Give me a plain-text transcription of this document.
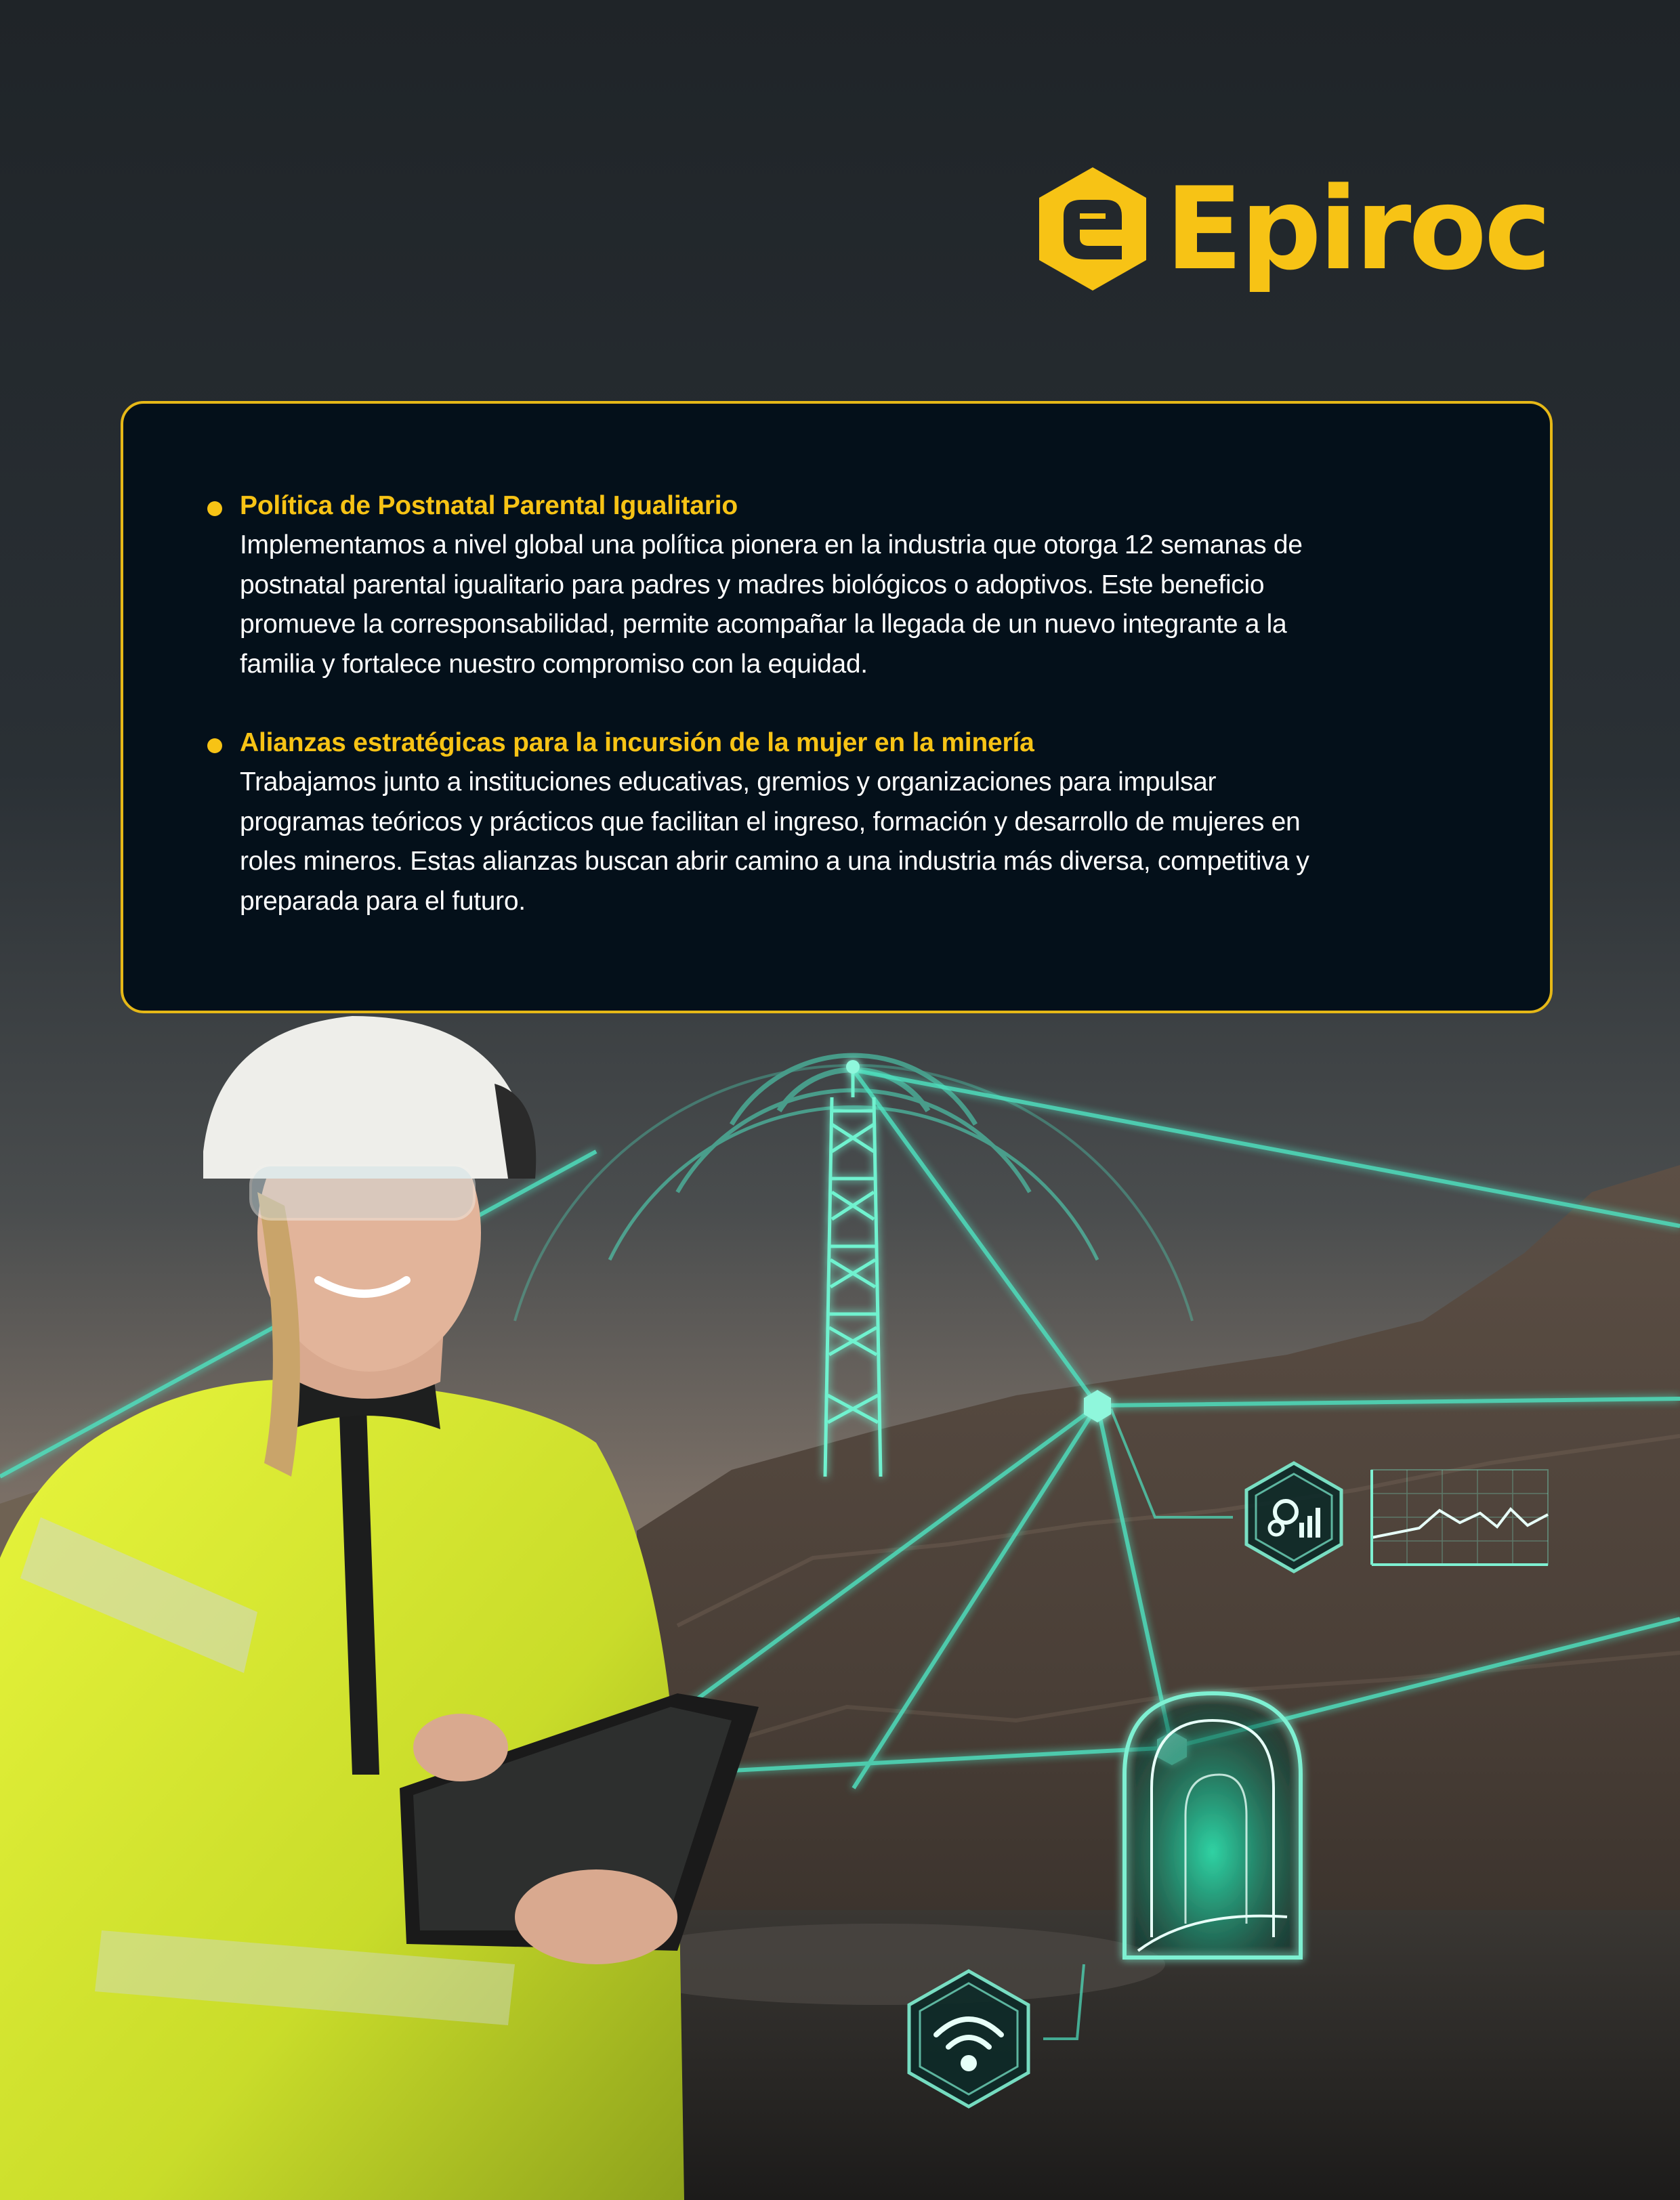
Epiroc
Política de Postnatal Parental Igualitario
Implementamos a nivel global una política pionera en la industria que otorga 12 semanas de
postnatal parental igualitario para padres y madres biológicos o adoptivos. Este beneficio
promueve la corresponsabilidad, permite acompañar la llegada de un nuevo integrante a la
familia y fortalece nuestro compromiso con la equidad.
Alianzas estratégicas para la incursión de la mujer en la minería
Trabajamos junto a instituciones educativas, gremios y organizaciones para impulsar
programas teóricos y prácticos que facilitan el ingreso, formación y desarrollo de mujeres en
roles mineros. Estas alianzas buscan abrir camino a una industria más diversa, competitiva y
preparada para el futuro.
